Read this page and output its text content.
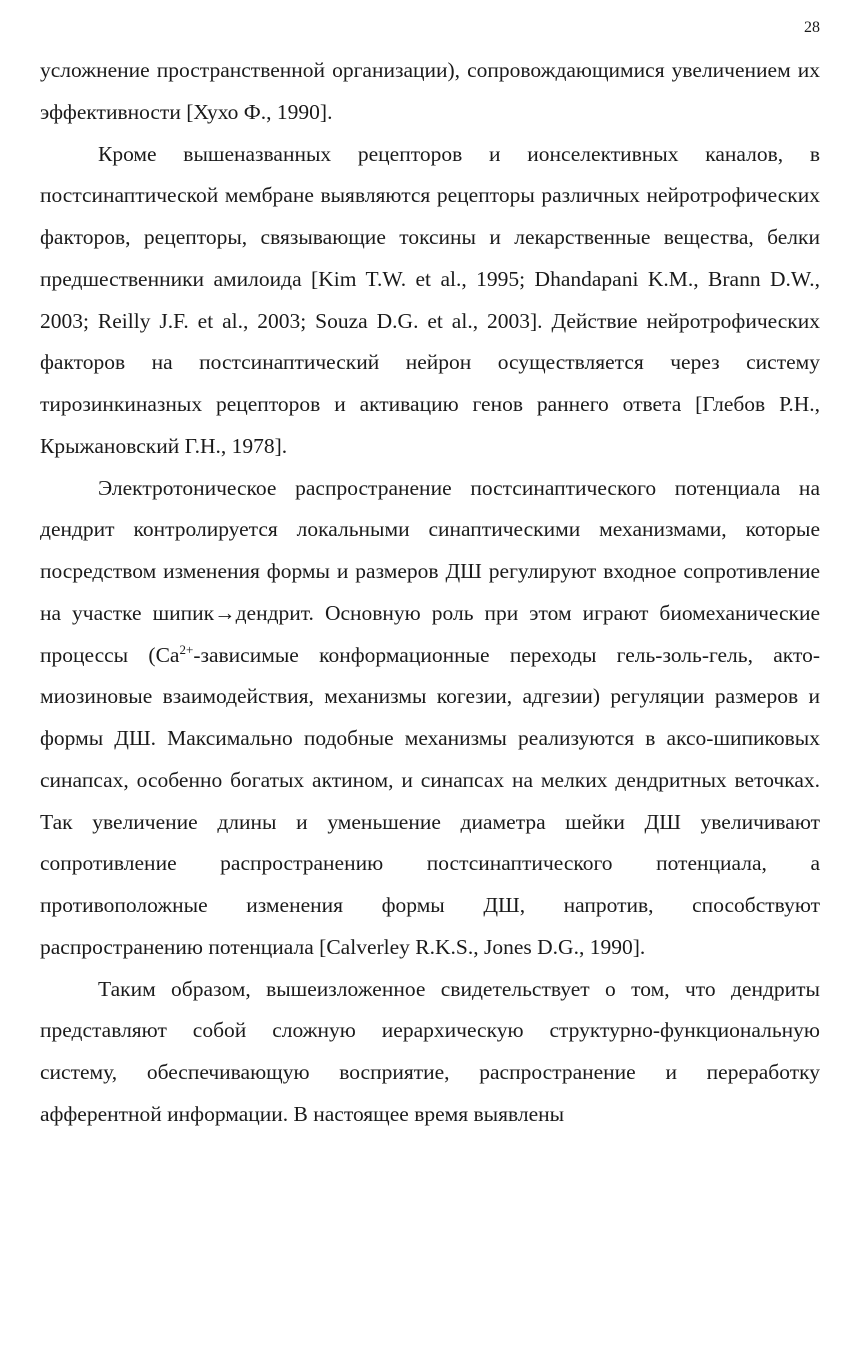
28

усложнение пространственной организации), сопровождающимися увеличением их эффективности [Хухо Ф., 1990].

Кроме вышеназванных рецепторов и ионселективных каналов, в постсинаптической мембране выявляются рецепторы различных нейротрофических факторов, рецепторы, связывающие токсины и лекарственные вещества, белки предшественники амилоида [Kim T.W. et al., 1995; Dhandapani K.M., Brann D.W., 2003; Reilly J.F. et al., 2003; Souza D.G. et al., 2003]. Действие нейротрофических факторов на постсинаптический нейрон осуществляется через систему тирозинкиназных рецепторов и активацию генов раннего ответа [Глебов Р.Н., Крыжановский Г.Н., 1978].

Электротоническое распространение постсинаптического потенциала на дендрит контролируется локальными синаптическими механизмами, которые посредством изменения формы и размеров ДШ регулируют входное сопротивление на участке шипик→дендрит. Основную роль при этом играют биомеханические процессы ($Ca^{2+}$-зависимые конформационные переходы гель-золь-гель, акто-миозиновые взаимодействия, механизмы когезии, адгезии) регуляции размеров и формы ДШ. Максимально подобные механизмы реализуются в аксо-шипиковых синапсах, особенно богатых актином, и синапсах на мелких дендритных веточках. Так увеличение длины и уменьшение диаметра шейки ДШ увеличивают сопротивление распространению постсинаптического потенциала, а противоположные изменения формы ДШ, напротив, способствуют распространению потенциала [Calverley R.K.S., Jones D.G., 1990].

Таким образом, вышеизложенное свидетельствует о том, что дендриты представляют собой сложную иерархическую структурно-функциональную систему, обеспечивающую восприятие, распространение и переработку афферентной информации. В настоящее время выявлены
